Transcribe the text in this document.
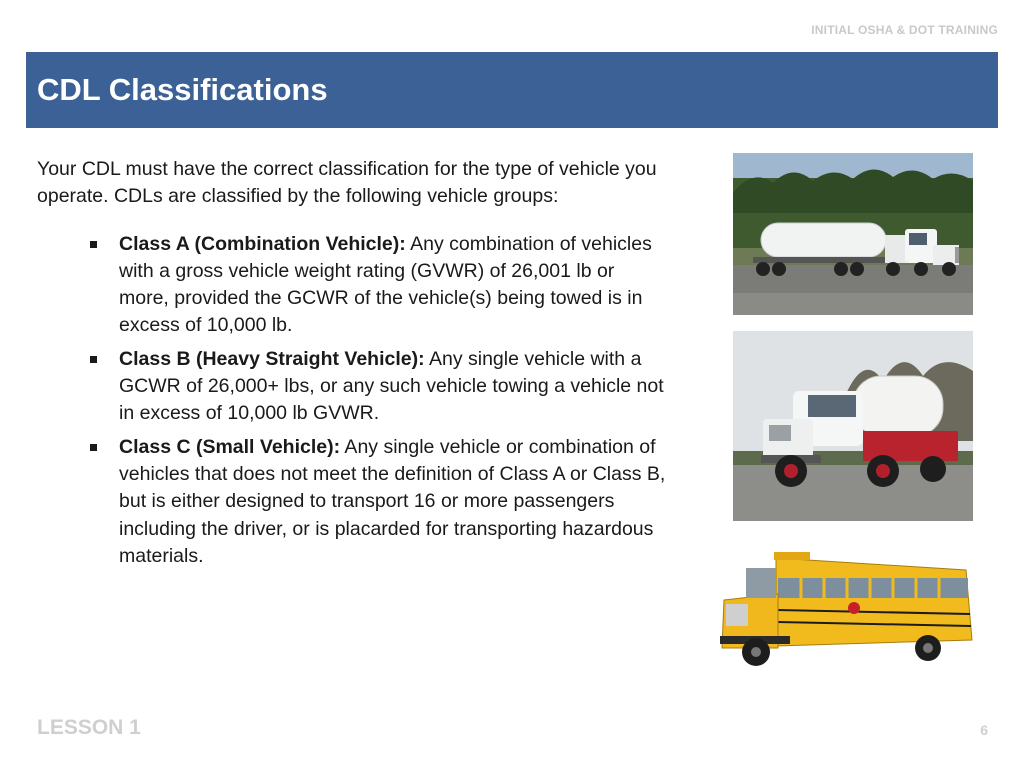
INITIAL OSHA & DOT TRAINING
CDL Classifications

Your CDL must have the correct classification for the type of vehicle you operate. CDLs are classified by the following vehicle groups:

Class A (Combination Vehicle): Any combination of vehicles with a gross vehicle weight rating (GVWR) of 26,001 lb or more, provided the GCWR of the vehicle(s) being towed is in excess of 10,000 lb.
Class B (Heavy Straight Vehicle): Any single vehicle with a GCWR of 26,000+ lbs, or any such vehicle towing a vehicle not in excess of 10,000 lb GVWR.
Class C (Small Vehicle): Any single vehicle or combination of vehicles that does not meet the definition of Class A or Class B, but is either designed to transport 16 or more passengers including the driver, or is placarded for transporting hazardous materials.
LESSON 1	6
